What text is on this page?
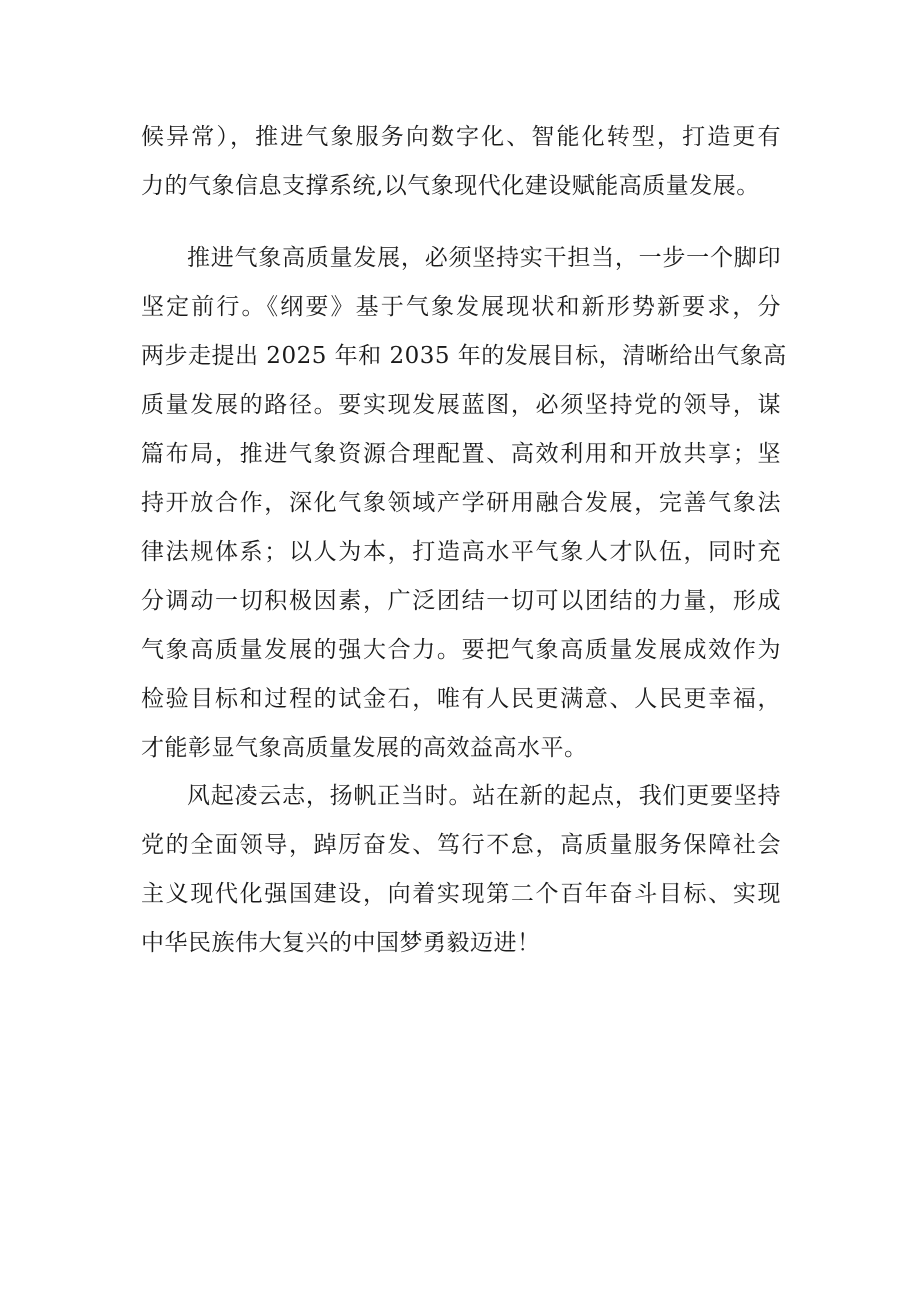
候异常），推进气象服务向数字化、智能化转型，打造更有
力的气象信息支撑系统,以气象现代化建设赋能高质量发展。
推进气象高质量发展，必须坚持实干担当，一步一个脚印
坚定前行。《纲要》基于气象发展现状和新形势新要求，分
两步走提出 2025 年和 2035 年的发展目标，清晰给出气象高
质量发展的路径。要实现发展蓝图，必须坚持党的领导，谋
篇布局，推进气象资源合理配置、高效利用和开放共享；坚
持开放合作，深化气象领域产学研用融合发展，完善气象法
律法规体系；以人为本，打造高水平气象人才队伍，同时充
分调动一切积极因素，广泛团结一切可以团结的力量，形成
气象高质量发展的强大合力。要把气象高质量发展成效作为
检验目标和过程的试金石，唯有人民更满意、人民更幸福，
才能彰显气象高质量发展的高效益高水平。
风起凌云志，扬帆正当时。站在新的起点，我们更要坚持
党的全面领导，踔厉奋发、笃行不怠，高质量服务保障社会
主义现代化强国建设，向着实现第二个百年奋斗目标、实现
中华民族伟大复兴的中国梦勇毅迈进！
